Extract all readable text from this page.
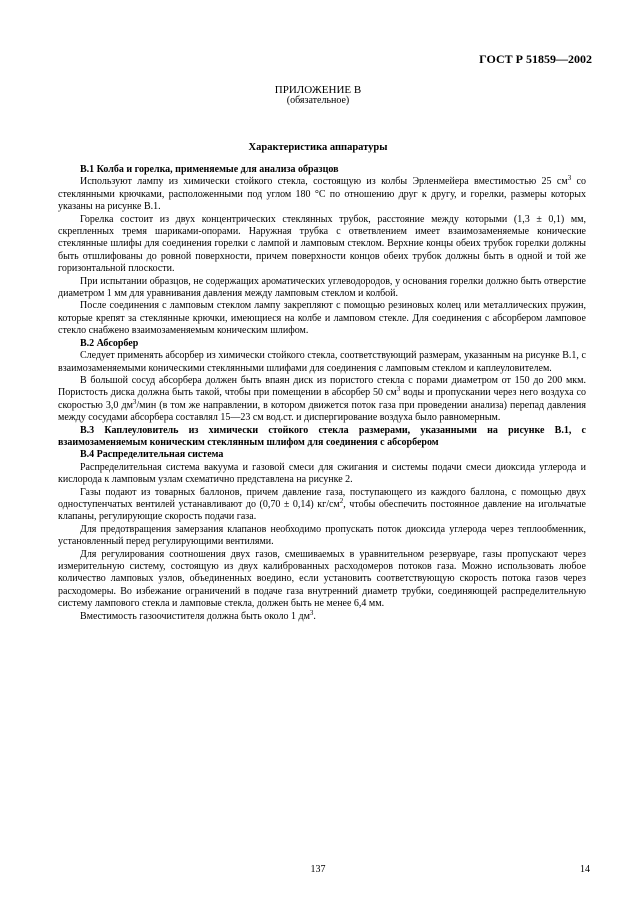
ГОСТ Р 51859—2002
ПРИЛОЖЕНИЕ В
(обязательное)
Характеристика аппаратуры

В.1 Колба и горелка, применяемые для анализа образцов

Используют лампу из химически стойкого стекла, состоящую из колбы Эрленмейера вместимостью 25 $см^3$ со стеклянными крючками, расположенными под углом 180 °С по отношению друг к другу, и горелки, размеры которых указаны на рисунке В.1.

Горелка состоит из двух концентрических стеклянных трубок, расстояние между которыми (1,3 ± 0,1) мм, скрепленных тремя шариками-опорами. Наружная трубка с ответвлением имеет взаимозаменяемые конические стеклянные шлифы для соединения горелки с лампой и ламповым стеклом. Верхние концы обеих трубок горелки должны быть отшлифованы до ровной поверхности, причем поверхности концов обеих трубок должны быть в одной и той же горизонтальной плоскости.

При испытании образцов, не содержащих ароматических углеводородов, у основания горелки должно быть отверстие диаметром 1 мм для уравнивания давления между ламповым стеклом и колбой.

После соединения с ламповым стеклом лампу закрепляют с помощью резиновых колец или металлических пружин, которые крепят за стеклянные крючки, имеющиеся на колбе и ламповом стекле. Для соединения с абсорбером ламповое стекло снабжено взаимозаменяемым коническим шлифом.

В.2 Абсорбер

Следует применять абсорбер из химически стойкого стекла, соответствующий размерам, указанным на рисунке В.1, с взаимозаменяемыми коническими стеклянными шлифами для соединения с ламповым стеклом и каплеуловителем.

В большой сосуд абсорбера должен быть впаян диск из пористого стекла с порами диаметром от 150 до 200 мкм. Пористость диска должна быть такой, чтобы при помещении в абсорбер 50 $см^3$ воды и пропускании через него воздуха со скоростью 3,0 $дм^3$/мин (в том же направлении, в котором движется поток газа при проведении анализа) перепад давления между сосудами абсорбера составлял 15—23 см вод.ст. и диспергирование воздуха было равномерным.

В.3 Каплеуловитель из химически стойкого стекла размерами, указанными на рисунке В.1, с взаимозаменяемым коническим стеклянным шлифом для соединения с абсорбером

В.4 Распределительная система

Распределительная система вакуума и газовой смеси для сжигания и системы подачи смеси диоксида углерода и кислорода к ламповым узлам схематично представлена на рисунке 2.

Газы подают из товарных баллонов, причем давление газа, поступающего из каждого баллона, с помощью двух одноступенчатых вентилей устанавливают до (0,70 ± 0,14) $кг/см^2$, чтобы обеспечить постоянное давление на игольчатые клапаны, регулирующие скорость подачи газа.

Для предотвращения замерзания клапанов необходимо пропускать поток диоксида углерода через теплообменник, установленный перед регулирующими вентилями.

Для регулирования соотношения двух газов, смешиваемых в уравнительном резервуаре, газы пропускают через измерительную систему, состоящую из двух калиброванных расходомеров потоков газа. Можно использовать любое количество ламповых узлов, объединенных воедино, если установить соответствующую скорость потока газов через расходомеры. Во избежание ограничений в подаче газа внутренний диаметр трубки, соединяющей распределительную систему лампового стекла и ламповые стекла, должен быть не менее 6,4 мм.

Вместимость газоочистителя должна быть около 1 $дм^3$.

137	14
